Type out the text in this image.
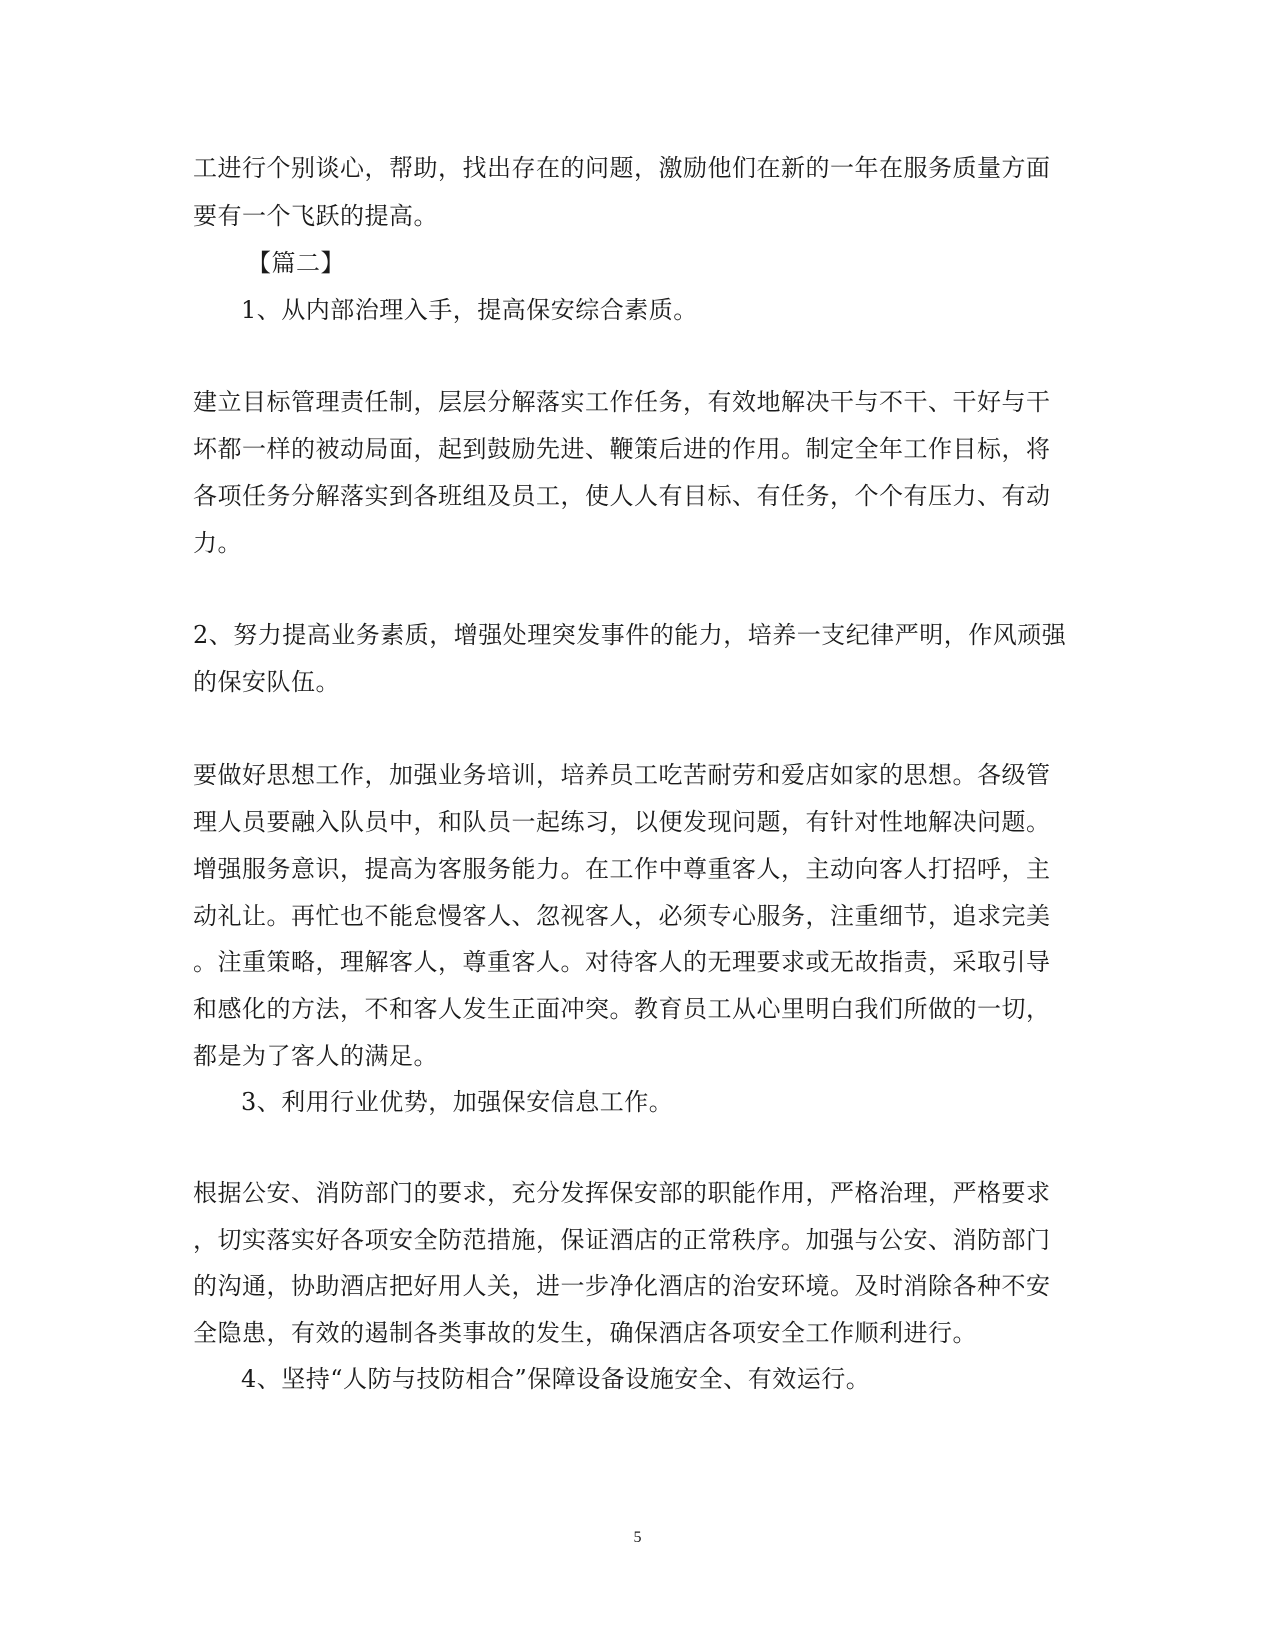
工进行个别谈心，帮助，找出存在的问题，激励他们在新的一年在服务质量方面
要有一个飞跃的提高。
【篇二】
1、从内部治理入手，提高保安综合素质。
建立目标管理责任制，层层分解落实工作任务，有效地解决干与不干、干好与干
坏都一样的被动局面，起到鼓励先进、鞭策后进的作用。制定全年工作目标，将
各项任务分解落实到各班组及员工，使人人有目标、有任务，个个有压力、有动
力。
2、努力提高业务素质，增强处理突发事件的能力，培养一支纪律严明，作风顽强
的保安队伍。
要做好思想工作，加强业务培训，培养员工吃苦耐劳和爱店如家的思想。各级管
理人员要融入队员中，和队员一起练习，以便发现问题，有针对性地解决问题。
增强服务意识，提高为客服务能力。在工作中尊重客人，主动向客人打招呼，主
动礼让。再忙也不能怠慢客人、忽视客人，必须专心服务，注重细节，追求完美
。注重策略，理解客人，尊重客人。对待客人的无理要求或无故指责，采取引导
和感化的方法，不和客人发生正面冲突。教育员工从心里明白我们所做的一切，
都是为了客人的满足。
3、利用行业优势，加强保安信息工作。
根据公安、消防部门的要求，充分发挥保安部的职能作用，严格治理，严格要求
，切实落实好各项安全防范措施，保证酒店的正常秩序。加强与公安、消防部门
的沟通，协助酒店把好用人关，进一步净化酒店的治安环境。及时消除各种不安
全隐患，有效的遏制各类事故的发生，确保酒店各项安全工作顺利进行。
4、坚持“人防与技防相合”保障设备设施安全、有效运行。
5
